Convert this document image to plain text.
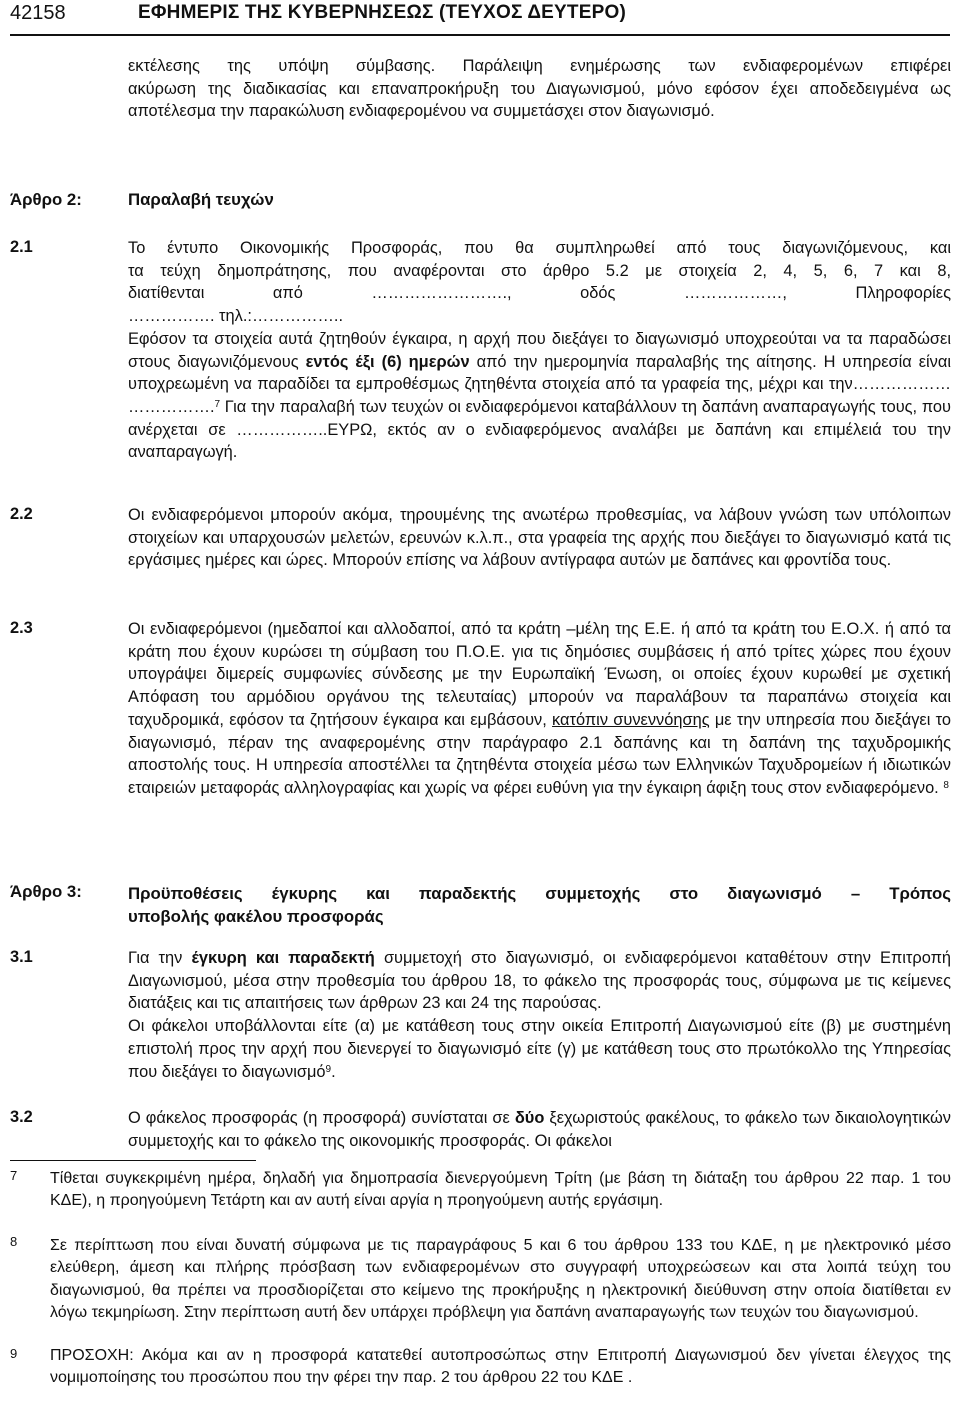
42158	ΕΦΗΜΕΡΙΣ ΤΗΣ ΚΥΒΕΡΝΗΣΕΩΣ (ΤΕΥΧΟΣ ΔΕΥΤΕΡΟ)

εκτέλεσης της υπόψη σύμβασης. Παράλειψη ενημέρωσης των ενδιαφερομένων επιφέρει

ακύρωση της διαδικασίας και επαναπροκήρυξη του Διαγωνισμού, μόνο εφόσον έχει αποδεδειγμένα ως αποτέλεσμα την παρακώλυση ενδιαφερομένου να συμμετάσχει στον διαγωνισμό.

Άρθρο 2:	Παραλαβή τευχών
2.1	Το έντυπο Οικονομικής Προσφοράς, που θα συμπληρωθεί από τους διαγωνιζόμενους, και

τα τεύχη δημοπράτησης, που αναφέρονται στο άρθρο 5.2 με στοιχεία 2, 4, 5, 6, 7 και 8,

διατίθενται από ……………………., οδός ………………, Πληροφορίες

……………. τηλ.:……………..

Εφόσον τα στοιχεία αυτά ζητηθούν έγκαιρα, η αρχή που διεξάγει το διαγωνισμό υποχρεούται να τα παραδώσει στους διαγωνιζόμενους εντός έξι (6) ημερών από την ημερομηνία παραλαβής της αίτησης. Η υπηρεσία είναι υποχρεωμένη να παραδίδει τα εμπροθέσμως ζητηθέντα στοιχεία από τα γραφεία της, μέχρι και την……………… …………….$^7$ Για την παραλαβή των τευχών οι ενδιαφερόμενοι καταβάλλουν τη δαπάνη αναπαραγωγής τους, που ανέρχεται σε ……………..ΕΥΡΩ, εκτός αν ο ενδιαφερόμενος αναλάβει με δαπάνη και επιμέλειά του την αναπαραγωγή.

2.2	Οι ενδιαφερόμενοι μπορούν ακόμα, τηρουμένης της ανωτέρω προθεσμίας, να λάβουν γνώση των υπόλοιπων στοιχείων και υπαρχουσών μελετών, ερευνών κ.λ.π., στα γραφεία της αρχής που διεξάγει το διαγωνισμό κατά τις εργάσιμες ημέρες και ώρες. Μπορούν επίσης να λάβουν αντίγραφα αυτών με δαπάνες και φροντίδα τους.

2.3	Οι ενδιαφερόμενοι (ημεδαποί και αλλοδαποί, από τα κράτη –μέλη της Ε.Ε. ή από τα κράτη του Ε.Ο.Χ. ή από τα κράτη που έχουν κυρώσει τη σύμβαση του Π.Ο.Ε. για τις δημόσιες συμβάσεις ή από τρίτες χώρες που έχουν υπογράψει διμερείς συμφωνίες σύνδεσης με την Ευρωπαϊκή Ένωση, οι οποίες έχουν κυρωθεί με σχετική Απόφαση του αρμόδιου οργάνου της τελευταίας) μπορούν να παραλάβουν τα παραπάνω στοιχεία και ταχυδρομικά, εφόσον τα ζητήσουν έγκαιρα και εμβάσουν, κατόπιν συνεννόησης με την υπηρεσία που διεξάγει το διαγωνισμό, πέραν της αναφερομένης στην παράγραφο 2.1 δαπάνης και τη δαπάνη της ταχυδρομικής αποστολής τους. Η υπηρεσία αποστέλλει τα ζητηθέντα στοιχεία μέσω των Ελληνικών Ταχυδρομείων ή ιδιωτικών εταιρειών μεταφοράς αλληλογραφίας και χωρίς να φέρει ευθύνη για την έγκαιρη άφιξη τους στον ενδιαφερόμενο. $^8$

Άρθρο 3:	Προϋποθέσεις έγκυρης και παραδεκτής συμμετοχής στο διαγωνισμό – Τρόπος
υποβολής φακέλου προσφοράς
3.1	Για την έγκυρη και παραδεκτή συμμετοχή στο διαγωνισμό, οι ενδιαφερόμενοι καταθέτουν στην Επιτροπή Διαγωνισμού, μέσα στην προθεσμία του άρθρου 18, το φάκελο της προσφοράς τους, σύμφωνα με τις κείμενες διατάξεις και τις απαιτήσεις των άρθρων 23 και 24 της παρούσας.

Οι φάκελοι υποβάλλονται είτε (α) με κατάθεση τους στην οικεία Επιτροπή Διαγωνισμού είτε (β) με συστημένη επιστολή προς την αρχή που διενεργεί το διαγωνισμό είτε (γ) με κατάθεση τους στο πρωτόκολλο της Υπηρεσίας που διεξάγει το διαγωνισμό$^9$.

3.2	Ο φάκελος προσφοράς (η προσφορά) συνίσταται σε δύο ξεχωριστούς φακέλους, το φάκελο των δικαιολογητικών συμμετοχής και το φάκελο της οικονομικής προσφοράς. Οι φάκελοι

7 Τίθεται συγκεκριμένη ημέρα, δηλαδή για δημοπρασία διενεργούμενη Τρίτη (με βάση τη διάταξη του άρθρου 22 παρ. 1 του ΚΔΕ), η προηγούμενη Τετάρτη και αν αυτή είναι αργία η προηγούμενη αυτής εργάσιμη.
8 Σε περίπτωση που είναι δυνατή σύμφωνα με τις παραγράφους 5 και 6 του άρθρου 133 του ΚΔΕ, η με ηλεκτρονικό μέσο ελεύθερη, άμεση και πλήρης πρόσβαση των ενδιαφερομένων στο συγγραφή υποχρεώσεων και στα λοιπά τεύχη του διαγωνισμού, θα πρέπει να προσδιορίζεται στο κείμενο της προκήρυξης η ηλεκτρονική διεύθυνση στην οποία διατίθεται εν λόγω τεκμηρίωση. Στην περίπτωση αυτή δεν υπάρχει πρόβλεψη για δαπάνη αναπαραγωγής των τευχών του διαγωνισμού.
9 ΠΡΟΣΟΧΗ: Ακόμα και αν η προσφορά κατατεθεί αυτοπροσώπως στην Επιτροπή Διαγωνισμού δεν γίνεται έλεγχος της νομιμοποίησης του προσώπου που την φέρει την παρ. 2 του άρθρου 22 του ΚΔΕ .
